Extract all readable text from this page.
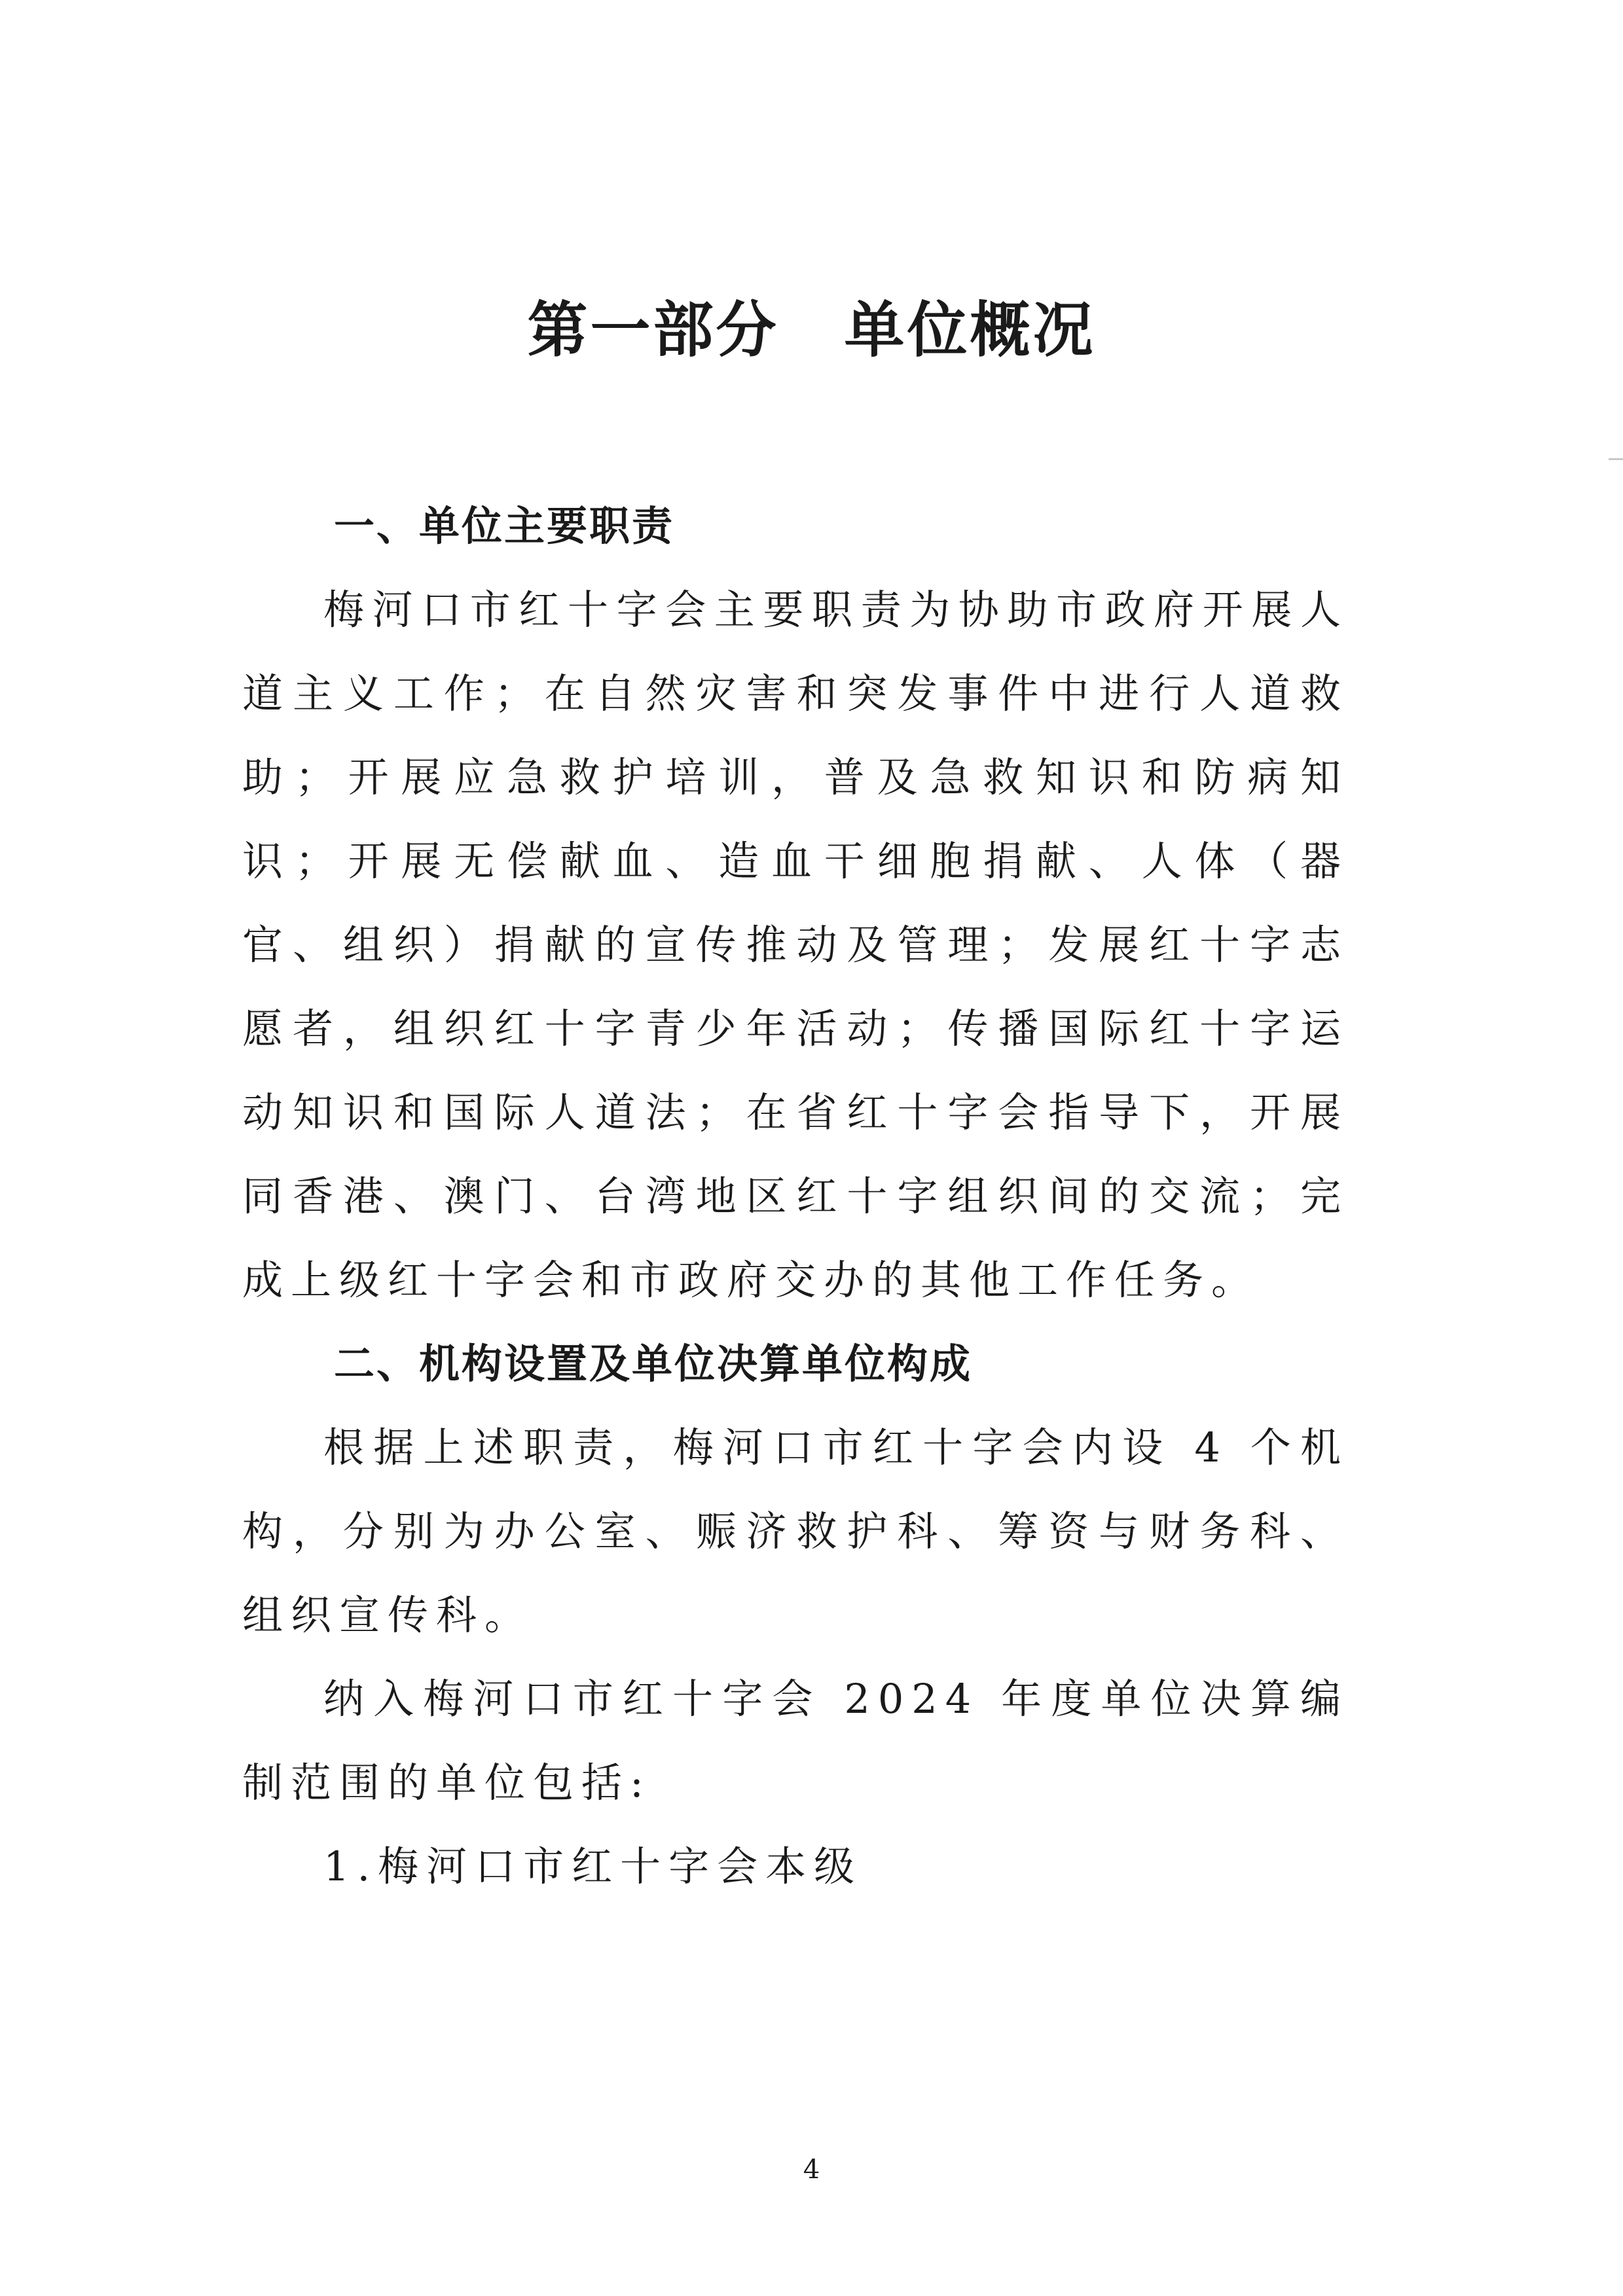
第一部分 单位概况

一、单位主要职责

梅河口市红十字会主要职责为协助市政府开展人道主义工作；在自然灾害和突发事件中进行人道救助；开展应急救护培训，普及急救知识和防病知识；开展无偿献血、造血干细胞捐献、人体（器官、组织）捐献的宣传推动及管理；发展红十字志愿者，组织红十字青少年活动；传播国际红十字运动知识和国际人道法；在省红十字会指导下，开展同香港、澳门、台湾地区红十字组织间的交流；完成上级红十字会和市政府交办的其他工作任务。

二、机构设置及单位决算单位构成

根据上述职责，梅河口市红十字会内设 4 个机构，分别为办公室、赈济救护科、筹资与财务科、组织宣传科。

纳入梅河口市红十字会 2024 年度单位决算编制范围的单位包括:

1.梅河口市红十字会本级

4
